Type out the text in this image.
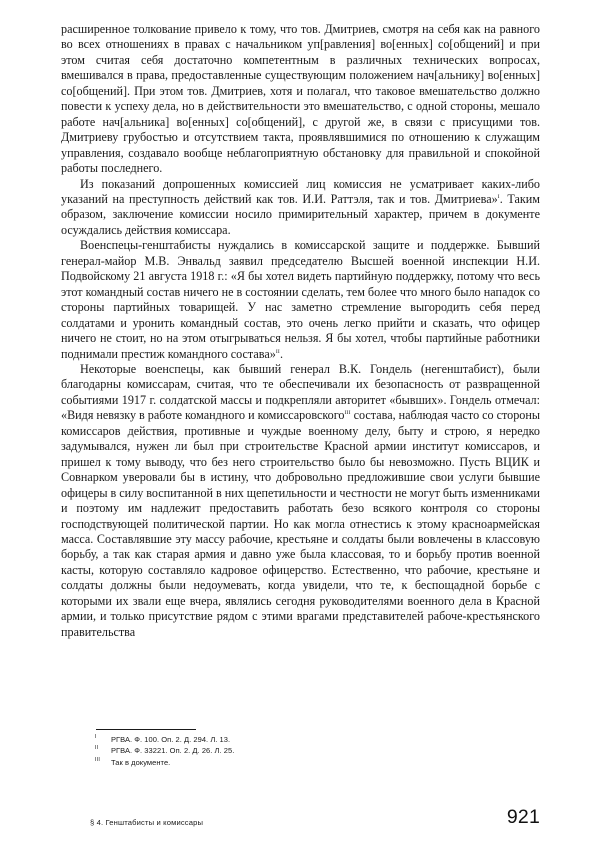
расширенное толкование привело к тому, что тов. Дмитриев, смотря на себя как на равного во всех отношениях в правах с начальником уп[равления] во[енных] со[общений] и при этом считая себя достаточно компетентным в различных технических вопросах, вмешивался в права, предоставленные существующим положением нач[альнику] во[енных] со[общений]. При этом тов. Дмитриев, хотя и полагал, что таковое вмешательство должно повести к успеху дела, но в действительности это вмешательство, с одной стороны, мешало работе нач[альника] во[енных] со[общений], с другой же, в связи с присущими тов. Дмитриеву грубостью и отсутствием такта, проявлявшимися по отношению к служащим управления, создавало вообще неблагоприятную обстановку для правильной и спокойной работы последнего.

Из показаний допрошенных комиссией лиц комиссия не усматривает каких-либо указаний на преступность действий как тов. И.И. Раттэля, так и тов. Дмитриева»$^I$. Таким образом, заключение комиссии носило примирительный характер, причем в документе осуждались действия комиссара.

Военспецы-генштабисты нуждались в комиссарской защите и поддержке. Бывший генерал-майор М.В. Энвальд заявил председателю Высшей военной инспекции Н.И. Подвойскому 21 августа 1918 г.: «Я бы хотел видеть партийную поддержку, потому что весь этот командный состав ничего не в состоянии сделать, тем более что много было нападок со стороны партийных товарищей. У нас заметно стремление выгородить себя перед солдатами и уронить командный состав, это очень легко прийти и сказать, что офицер ничего не стоит, но на этом отыгрываться нельзя. Я бы хотел, чтобы партийные работники поднимали престиж командного состава»$^{II}$.

Некоторые военспецы, как бывший генерал В.К. Гондель (негенштабист), были благодарны комиссарам, считая, что те обеспечивали их безопасность от развращенной событиями 1917 г. солдатской массы и подкрепляли авторитет «бывших». Гондель отмечал: «Видя невязку в работе командного и комиссаровского$^{III}$ состава, наблюдая часто со стороны комиссаров действия, противные и чуждые военному делу, быту и строю, я нередко задумывался, нужен ли был при строительстве Красной армии институт комиссаров, и пришел к тому выводу, что без него строительство было бы невозможно. Пусть ВЦИК и Совнарком уверовали бы в истину, что добровольно предложившие свои услуги бывшие офицеры в силу воспитанной в них щепетильности и честности не могут быть изменниками и поэтому им надлежит предоставить работать безо всякого контроля со стороны господствующей политической партии. Но как могла отнестись к этому красноармейская масса. Составлявшие эту массу рабочие, крестьяне и солдаты были вовлечены в классовую борьбу, а так как старая армия и давно уже была классовая, то и борьбу против военной касты, которую составляло кадровое офицерство. Естественно, что рабочие, крестьяне и солдаты должны были недоумевать, когда увидели, что те, к беспощадной борьбе с которыми их звали еще вчера, являлись сегодня руководителями военного дела в Красной армии, и только присутствие рядом с этими врагами представителей рабоче-крестьянского правительства

I РГВА. Ф. 100. Оп. 2. Д. 294. Л. 13.
II РГВА. Ф. 33221. Оп. 2. Д. 26. Л. 25.
III Так в документе.
§ 4. Генштабисты и комиссары	921
